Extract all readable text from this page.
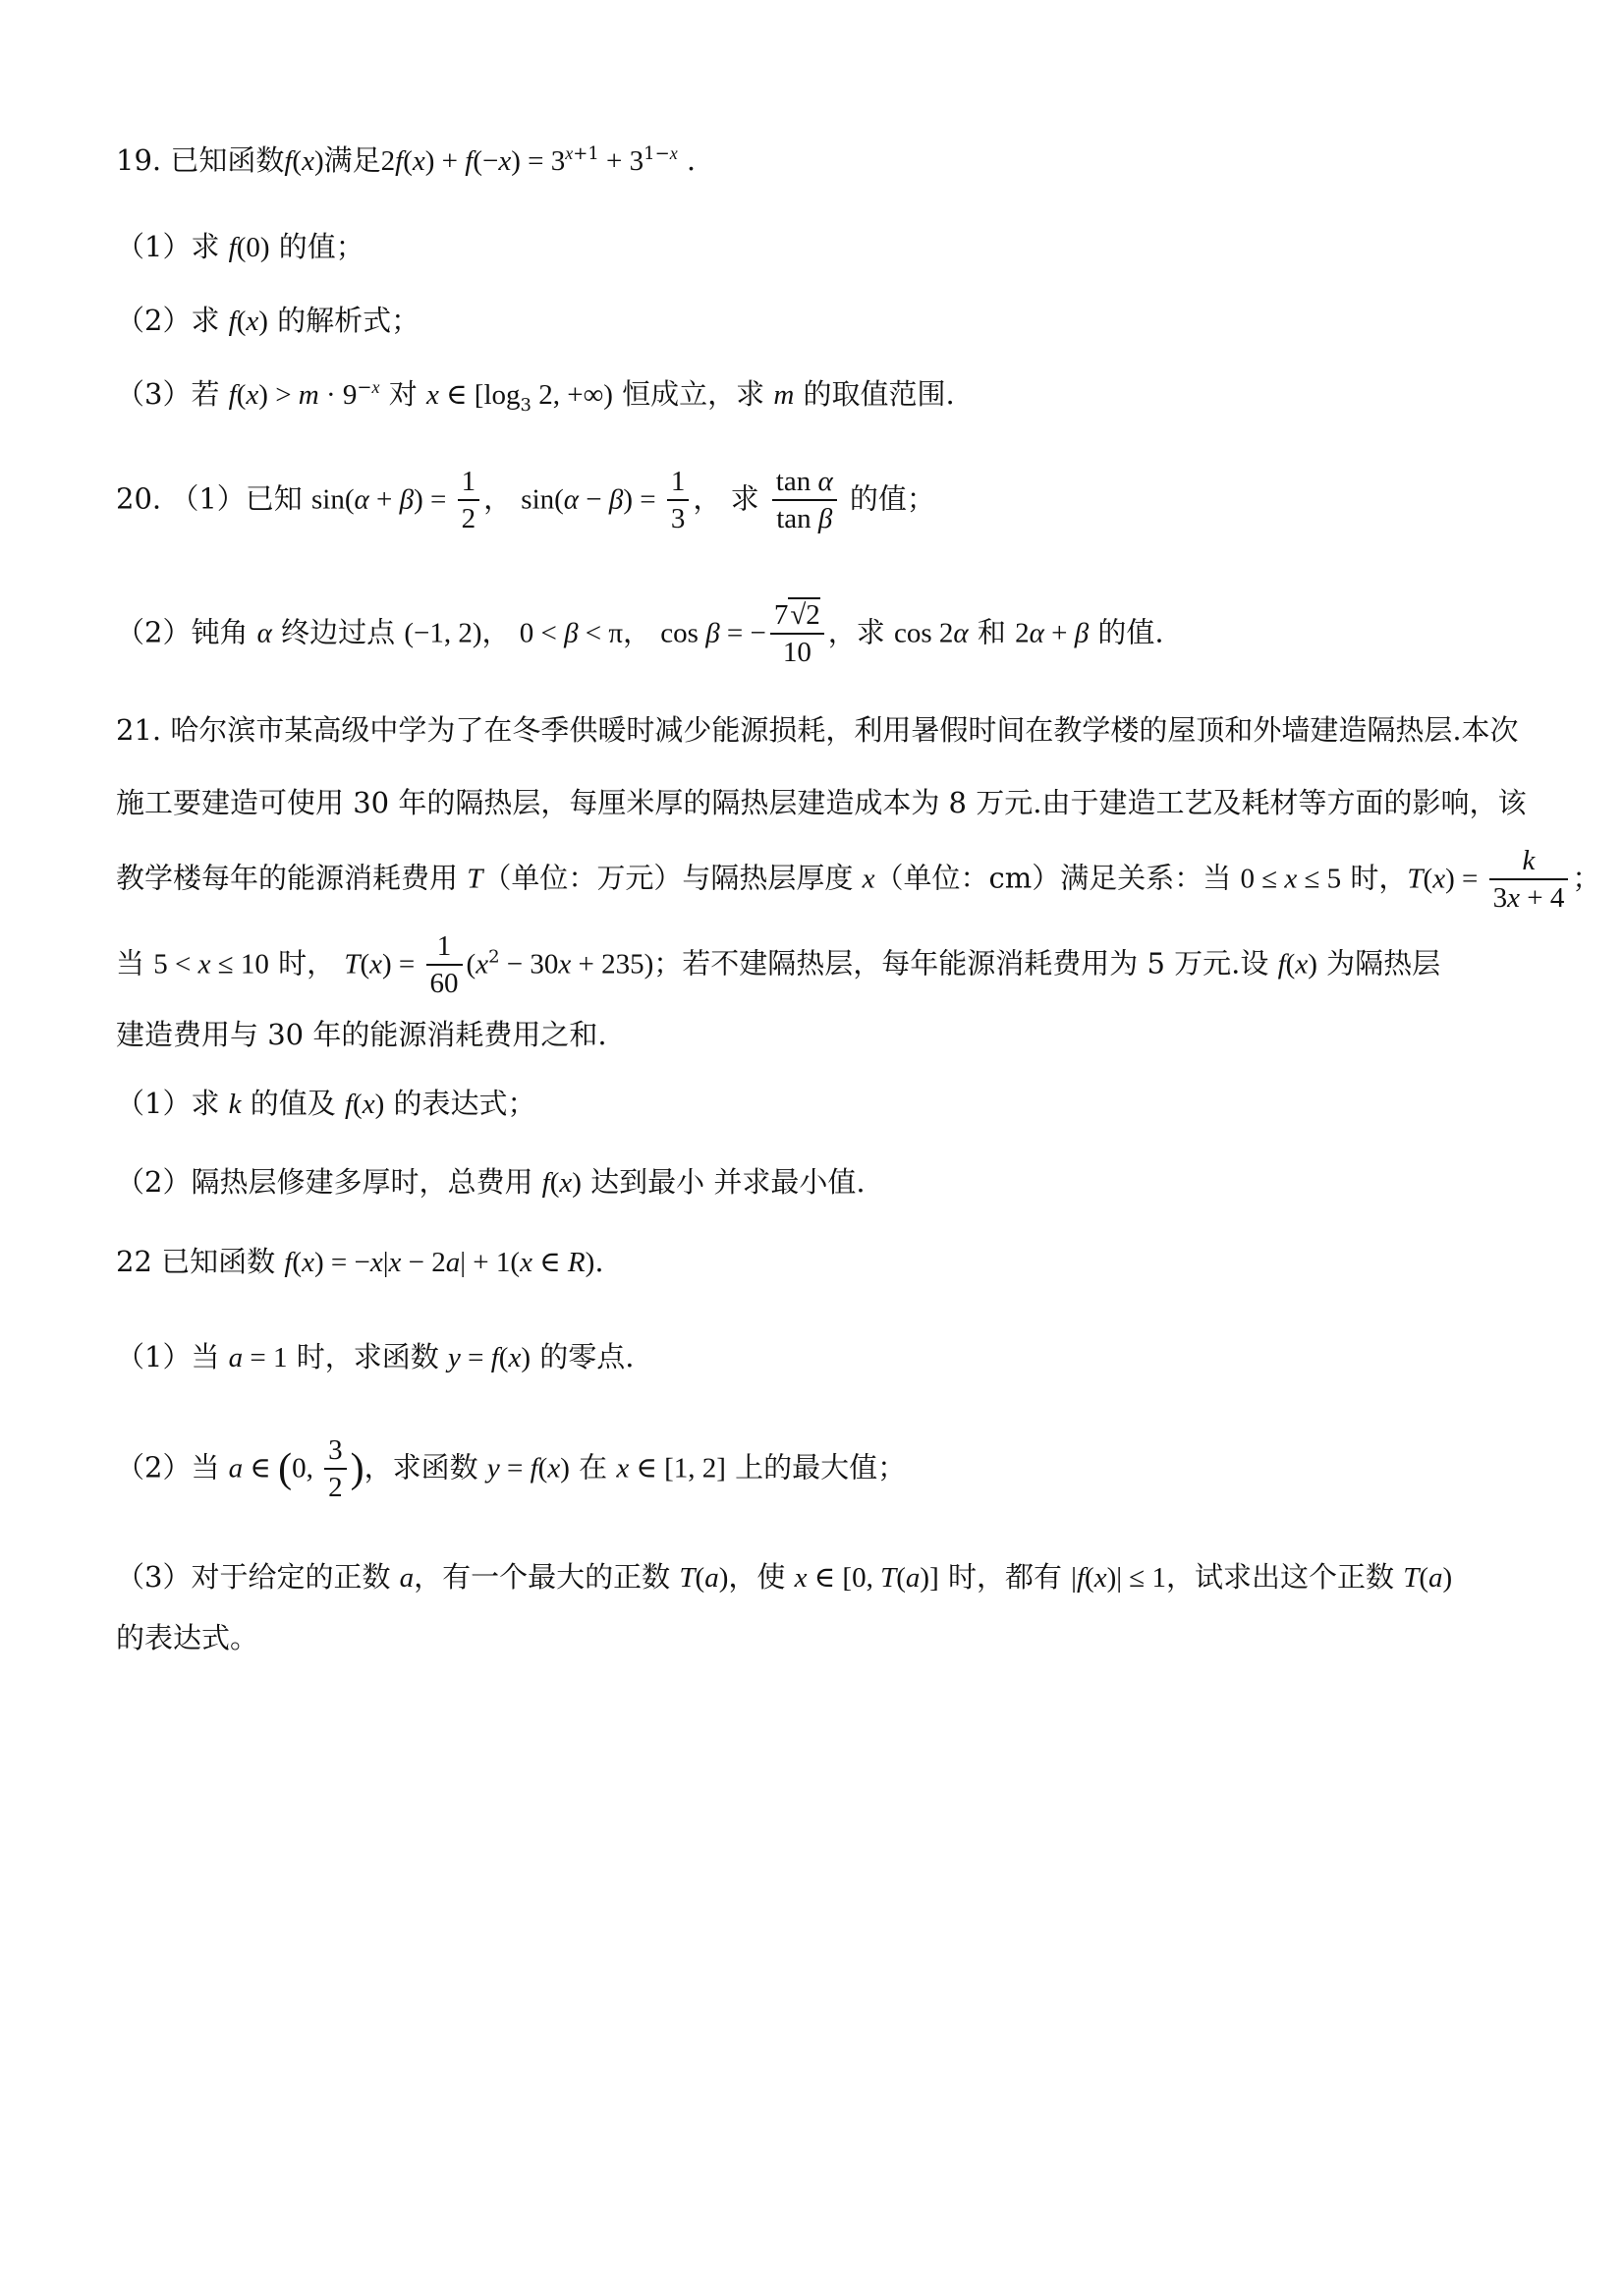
19. 已知函数f(x)满足$2f(x) + f(-x) = 3^{x+1} + 3^{1-x}$ .
（1）求 f(0) 的值；
（2）求 f(x) 的解析式；
（3）若 $f(x) > m \cdot 9^{-x}$ 对 x ∈ [$\log_3$ 2, +∞) 恒成立，求 m 的取值范围.
20. （1）已知 $\sin(\alpha + \beta) = \frac{1}{2}$ ， $\sin(\alpha - \beta) = \frac{1}{3}$ ， 求 $\frac{\text{tan α}}{\text{tan β}}$ 的值；
（2）钝角 α 终边过点 (−1, 2)， 0 < β < π， cos β = − $\frac{7√2}{10}$ ，求 cos 2α 和 2α + β 的值.
21. 哈尔滨市某高级中学为了在冬季供暖时减少能源损耗，利用暑假时间在教学楼的屋顶和外墙建造隔热层.本次
施工要建造可使用 30 年的隔热层，每厘米厚的隔热层建造成本为 8 万元.由于建造工艺及耗材等方面的影响，该
教学楼每年的能源消耗费用 T（单位：万元）与隔热层厚度 x（单位：cm）满足关系：当 0 ≤ x ≤ 5 时，$T(x) = \frac{k}{3x + 4}$ ；
当 5 < x ≤ 10 时， $T(x) = \frac{1}{60} (x^2 - 30x + 235)$；若不建隔热层，每年能源消耗费用为 5 万元.设 f(x) 为隔热层
建造费用与 30 年的能源消耗费用之和.
（1）求 k 的值及 f(x) 的表达式；
（2）隔热层修建多厚时，总费用 f(x) 达到最小 并求最小值.
22 已知函数 f(x) = −x|x − 2a| + 1(x ∈ R).
（1）当 a = 1 时，求函数 y = f(x) 的零点.
（2）当 a ∈ (0, $\frac{3}{2}$ )，求函数 y = f(x) 在 x ∈ [1, 2] 上的最大值；
（3）对于给定的正数 a，有一个最大的正数 T(a)，使 x ∈ [0, T(a)] 时，都有 |f(x)| ≤ 1，试求出这个正数 T(a)
的表达式。
